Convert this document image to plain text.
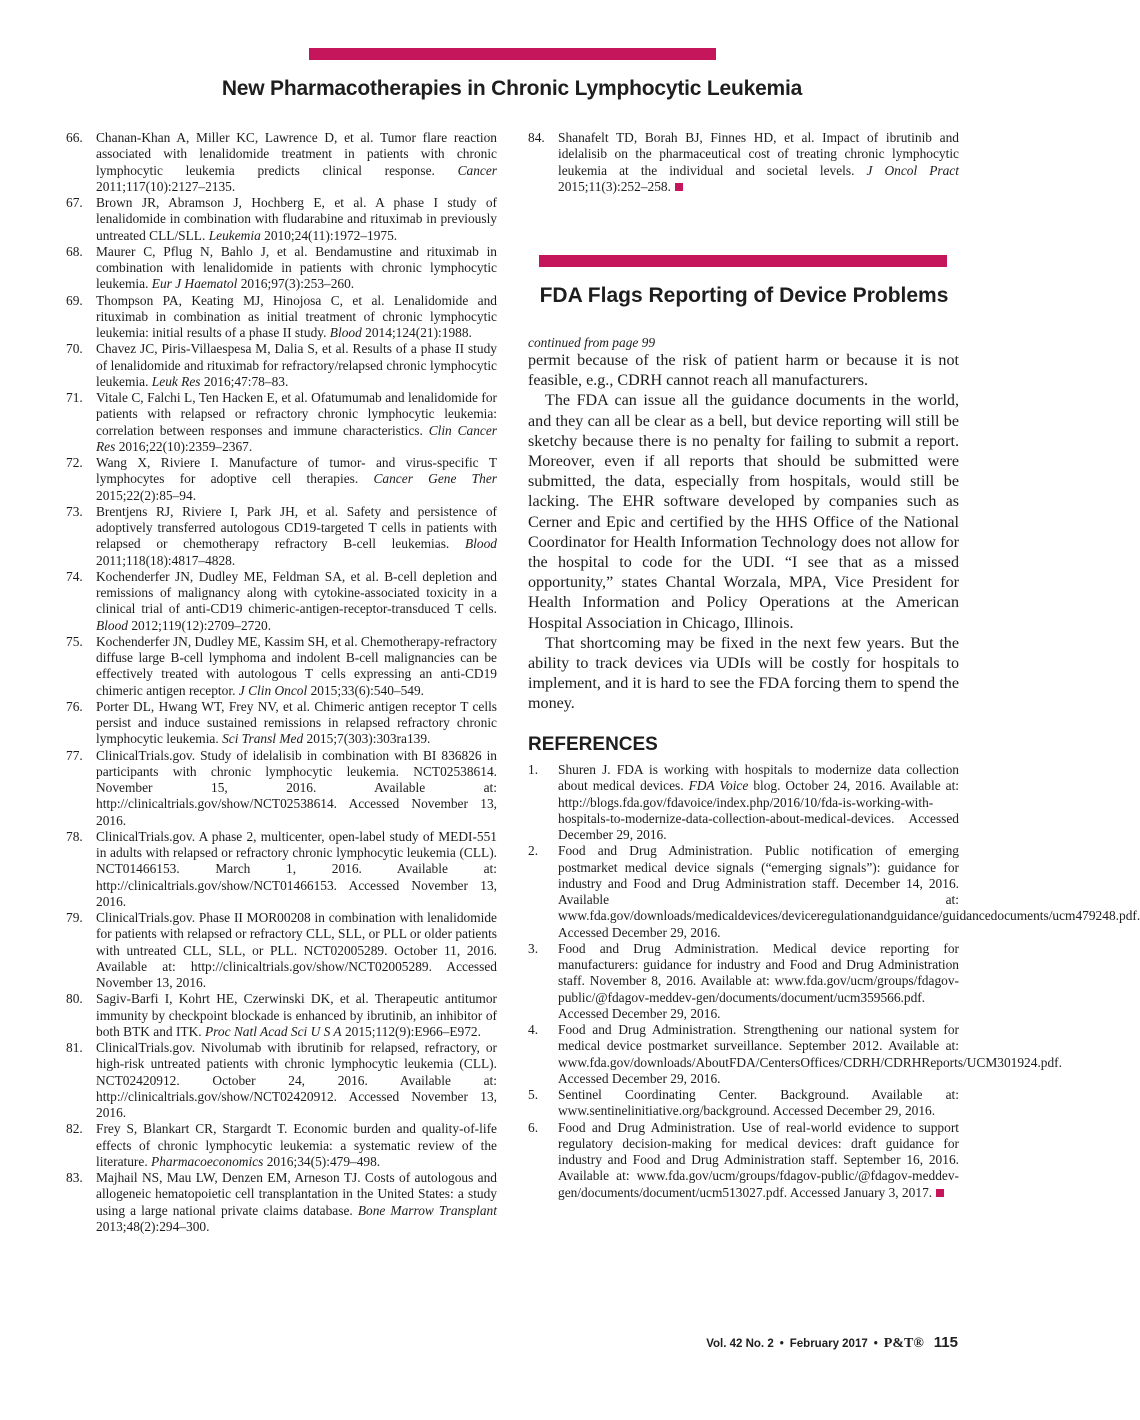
New Pharmacotherapies in Chronic Lymphocytic Leukemia
66. Chanan-Khan A, Miller KC, Lawrence D, et al. Tumor flare reaction associated with lenalidomide treatment in patients with chronic lymphocytic leukemia predicts clinical response. Cancer 2011;117(10):2127–2135.
67. Brown JR, Abramson J, Hochberg E, et al. A phase I study of lenalidomide in combination with fludarabine and rituximab in previously untreated CLL/SLL. Leukemia 2010;24(11):1972–1975.
68. Maurer C, Pflug N, Bahlo J, et al. Bendamustine and rituximab in combination with lenalidomide in patients with chronic lymphocytic leukemia. Eur J Haematol 2016;97(3):253–260.
69. Thompson PA, Keating MJ, Hinojosa C, et al. Lenalidomide and rituximab in combination as initial treatment of chronic lymphocytic leukemia: initial results of a phase II study. Blood 2014;124(21):1988.
70. Chavez JC, Piris-Villaespesa M, Dalia S, et al. Results of a phase II study of lenalidomide and rituximab for refractory/relapsed chronic lymphocytic leukemia. Leuk Res 2016;47:78–83.
71. Vitale C, Falchi L, Ten Hacken E, et al. Ofatumumab and lenalidomide for patients with relapsed or refractory chronic lymphocytic leukemia: correlation between responses and immune characteristics. Clin Cancer Res 2016;22(10):2359–2367.
72. Wang X, Riviere I. Manufacture of tumor- and virus-specific T lymphocytes for adoptive cell therapies. Cancer Gene Ther 2015;22(2):85–94.
73. Brentjens RJ, Riviere I, Park JH, et al. Safety and persistence of adoptively transferred autologous CD19-targeted T cells in patients with relapsed or chemotherapy refractory B-cell leukemias. Blood 2011;118(18):4817–4828.
74. Kochenderfer JN, Dudley ME, Feldman SA, et al. B-cell depletion and remissions of malignancy along with cytokine-associated toxicity in a clinical trial of anti-CD19 chimeric-antigen-receptor-transduced T cells. Blood 2012;119(12):2709–2720.
75. Kochenderfer JN, Dudley ME, Kassim SH, et al. Chemotherapy-refractory diffuse large B-cell lymphoma and indolent B-cell malignancies can be effectively treated with autologous T cells expressing an anti-CD19 chimeric antigen receptor. J Clin Oncol 2015;33(6):540–549.
76. Porter DL, Hwang WT, Frey NV, et al. Chimeric antigen receptor T cells persist and induce sustained remissions in relapsed refractory chronic lymphocytic leukemia. Sci Transl Med 2015;7(303):303ra139.
77. ClinicalTrials.gov. Study of idelalisib in combination with BI 836826 in participants with chronic lymphocytic leukemia. NCT02538614. November 15, 2016. Available at: http://clinicaltrials.gov/show/NCT02538614. Accessed November 13, 2016.
78. ClinicalTrials.gov. A phase 2, multicenter, open-label study of MEDI-551 in adults with relapsed or refractory chronic lymphocytic leukemia (CLL). NCT01466153. March 1, 2016. Available at: http://clinicaltrials.gov/show/NCT01466153. Accessed November 13, 2016.
79. ClinicalTrials.gov. Phase II MOR00208 in combination with lenalidomide for patients with relapsed or refractory CLL, SLL, or PLL or older patients with untreated CLL, SLL, or PLL. NCT02005289. October 11, 2016. Available at: http://clinicaltrials.gov/show/NCT02005289. Accessed November 13, 2016.
80. Sagiv-Barfi I, Kohrt HE, Czerwinski DK, et al. Therapeutic antitumor immunity by checkpoint blockade is enhanced by ibrutinib, an inhibitor of both BTK and ITK. Proc Natl Acad Sci U S A 2015;112(9):E966–E972.
81. ClinicalTrials.gov. Nivolumab with ibrutinib for relapsed, refractory, or high-risk untreated patients with chronic lymphocytic leukemia (CLL). NCT02420912. October 24, 2016. Available at: http://clinicaltrials.gov/show/NCT02420912. Accessed November 13, 2016.
82. Frey S, Blankart CR, Stargardt T. Economic burden and quality-of-life effects of chronic lymphocytic leukemia: a systematic review of the literature. Pharmacoeconomics 2016;34(5):479–498.
83. Majhail NS, Mau LW, Denzen EM, Arneson TJ. Costs of autologous and allogeneic hematopoietic cell transplantation in the United States: a study using a large national private claims database. Bone Marrow Transplant 2013;48(2):294–300.
84. Shanafelt TD, Borah BJ, Finnes HD, et al. Impact of ibrutinib and idelalisib on the pharmaceutical cost of treating chronic lymphocytic leukemia at the individual and societal levels. J Oncol Pract 2015;11(3):252–258.
FDA Flags Reporting of Device Problems
continued from page 99

permit because of the risk of patient harm or because it is not feasible, e.g., CDRH cannot reach all manufacturers.

The FDA can issue all the guidance documents in the world, and they can all be clear as a bell, but device reporting will still be sketchy because there is no penalty for failing to submit a report. Moreover, even if all reports that should be submitted were submitted, the data, especially from hospitals, would still be lacking. The EHR software developed by companies such as Cerner and Epic and certified by the HHS Office of the National Coordinator for Health Information Technology does not allow for the hospital to code for the UDI. “I see that as a missed opportunity,” states Chantal Worzala, MPA, Vice President for Health Information and Policy Operations at the American Hospital Association in Chicago, Illinois.

That shortcoming may be fixed in the next few years. But the ability to track devices via UDIs will be costly for hospitals to implement, and it is hard to see the FDA forcing them to spend the money.

REFERENCES
1. Shuren J. FDA is working with hospitals to modernize data collection about medical devices. FDA Voice blog. October 24, 2016. Available at: http://blogs.fda.gov/fdavoice/index.php/2016/10/fda-is-working-with-hospitals-to-modernize-data-collection-about-medical-devices. Accessed December 29, 2016.
2. Food and Drug Administration. Public notification of emerging postmarket medical device signals (“emerging signals”): guidance for industry and Food and Drug Administration staff. December 14, 2016. Available at: www.fda.gov/downloads/medicaldevices/deviceregulationandguidance/guidancedocuments/ucm479248.pdf. Accessed December 29, 2016.
3. Food and Drug Administration. Medical device reporting for manufacturers: guidance for industry and Food and Drug Administration staff. November 8, 2016. Available at: www.fda.gov/ucm/groups/fdagov-public/@fdagov-meddev-gen/documents/document/ucm359566.pdf. Accessed December 29, 2016.
4. Food and Drug Administration. Strengthening our national system for medical device postmarket surveillance. September 2012. Available at: www.fda.gov/downloads/AboutFDA/CentersOffices/CDRH/CDRHReports/UCM301924.pdf. Accessed December 29, 2016.
5. Sentinel Coordinating Center. Background. Available at: www.sentinelinitiative.org/background. Accessed December 29, 2016.
6. Food and Drug Administration. Use of real-world evidence to support regulatory decision-making for medical devices: draft guidance for industry and Food and Drug Administration staff. September 16, 2016. Available at: www.fda.gov/ucm/groups/fdagov-public/@fdagov-meddev-gen/documents/document/ucm513027.pdf. Accessed January 3, 2017.
Vol. 42 No. 2 • February 2017 • P&T® 115
